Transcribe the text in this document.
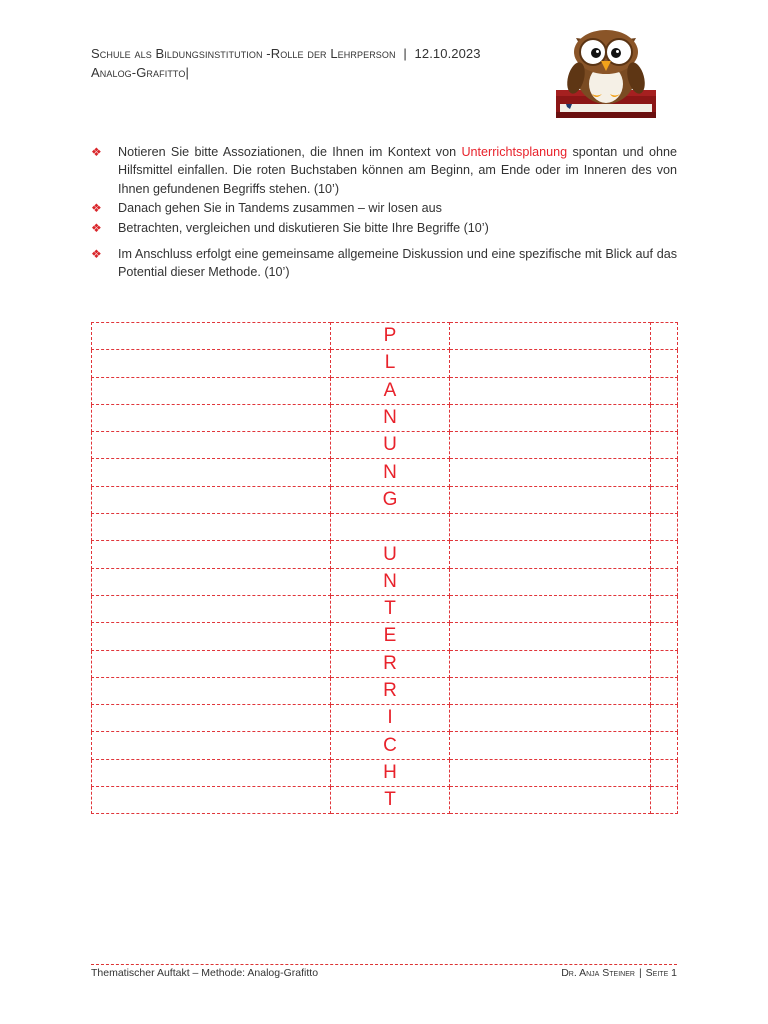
Schule als Bildungsinstitution -Rolle der Lehrperson | 12.10.2023
Analog-Grafitto|
❖	Notieren Sie bitte Assoziationen, die Ihnen im Kontext von Unterrichtsplanung spontan und ohne Hilfsmittel einfallen. Die roten Buchstaben können am Beginn, am Ende oder im Inneren des von Ihnen gefundenen Begriffs stehen. (10’)
❖	Danach gehen Sie in Tandems zusammen – wir losen aus
❖	Betrachten, vergleichen und diskutieren Sie bitte Ihre Begriffe (10’)
❖	Im Anschluss erfolgt eine gemeinsame allgemeine Diskussion und eine spezifische mit Blick auf das Potential dieser Methode. (10’)
	P		
	L		
	A		
	N		
	U		
	N		
	G		

	U		
	N		
	T		
	E		
	R		
	R		
	I		
	C		
	H		
	T		
Thematischer Auftakt – Methode: Analog-Grafitto	Dr. Anja Steiner | Seite 1
